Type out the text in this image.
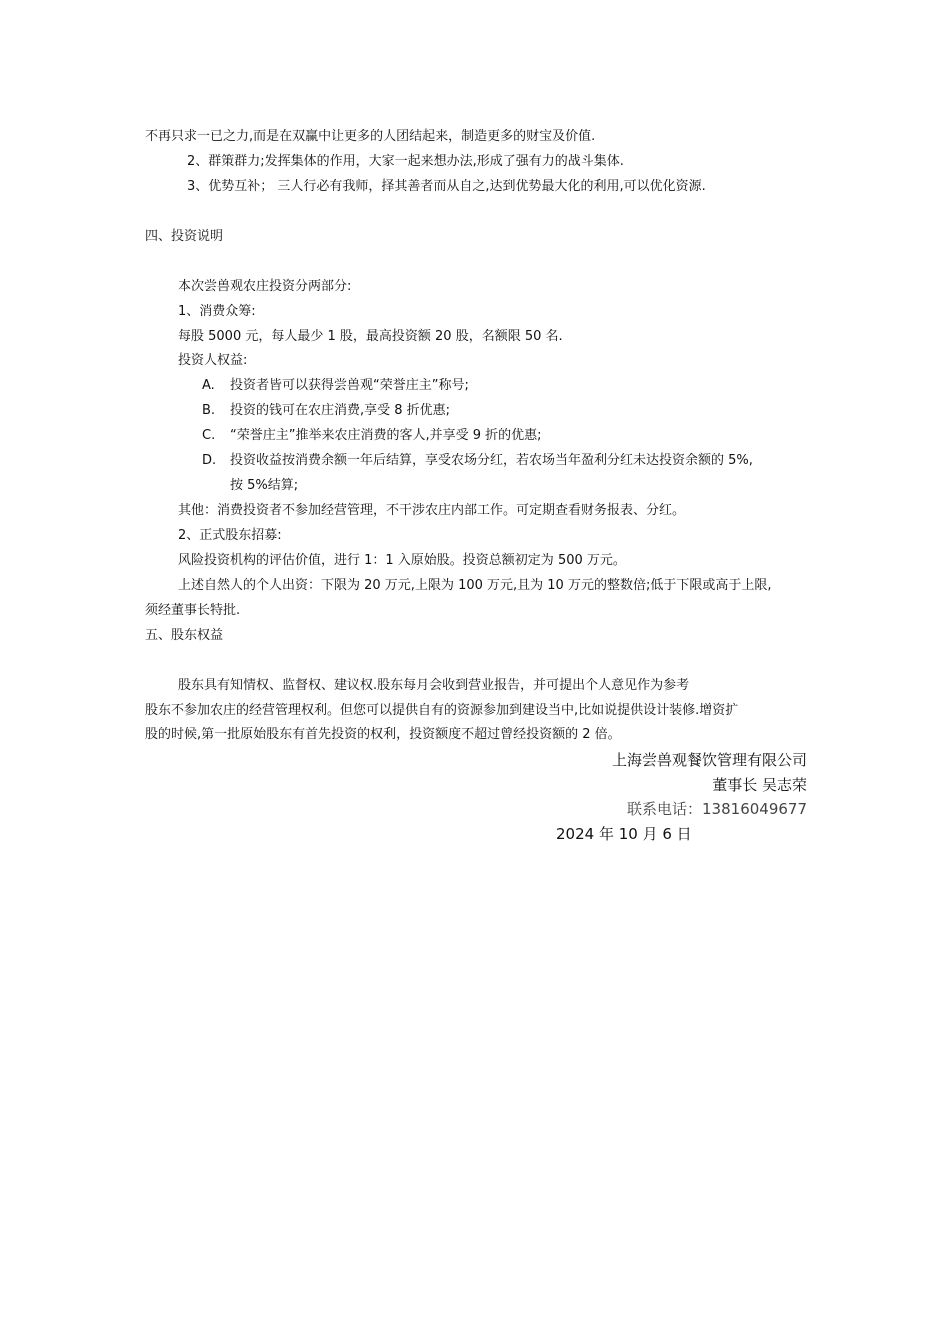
不再只求一已之力,而是在双赢中让更多的人团结起来，制造更多的财宝及价值.

2、群策群力;发挥集体的作用，大家一起来想办法,形成了强有力的战斗集体.

3、优势互补； 三人行必有我师，择其善者而从自之,达到优势最大化的利用,可以优化资源.

四、投资说明

本次尝兽观农庄投资分两部分:

1、消费众筹:

每股 5000 元，每人最少 1 股，最高投资额 20 股，名额限 50 名.

投资人权益:

A. 投资者皆可以获得尝兽观“荣誉庄主”称号;

B. 投资的钱可在农庄消费,享受 8 折优惠;

C. “荣誉庄主”推举来农庄消费的客人,并享受 9 折的优惠;

D. 投资收益按消费余额一年后结算，享受农场分红，若农场当年盈利分红未达投资余额的 5%,

按 5%结算;

其他：消费投资者不参加经营管理，不干涉农庄内部工作。可定期查看财务报表、分红。

2、正式股东招募:

风险投资机构的评估价值，进行 1：1 入原始股。投资总额初定为 500 万元。

上述自然人的个人出资：下限为 20 万元,上限为 100 万元,且为 10 万元的整数倍;低于下限或高于上限,

须经董事长特批.

五、股东权益

股东具有知情权、监督权、建议权.股东每月会收到营业报告，并可提出个人意见作为参考

股东不参加农庄的经营管理权利。但您可以提供自有的资源参加到建设当中,比如说提供设计装修.增资扩

股的时候,第一批原始股东有首先投资的权利，投资额度不超过曾经投资额的 2 倍。

上海尝兽观餐饮管理有限公司

董事长 吴志荣

联系电话：13816049677

2024 年 10 月 6 日
